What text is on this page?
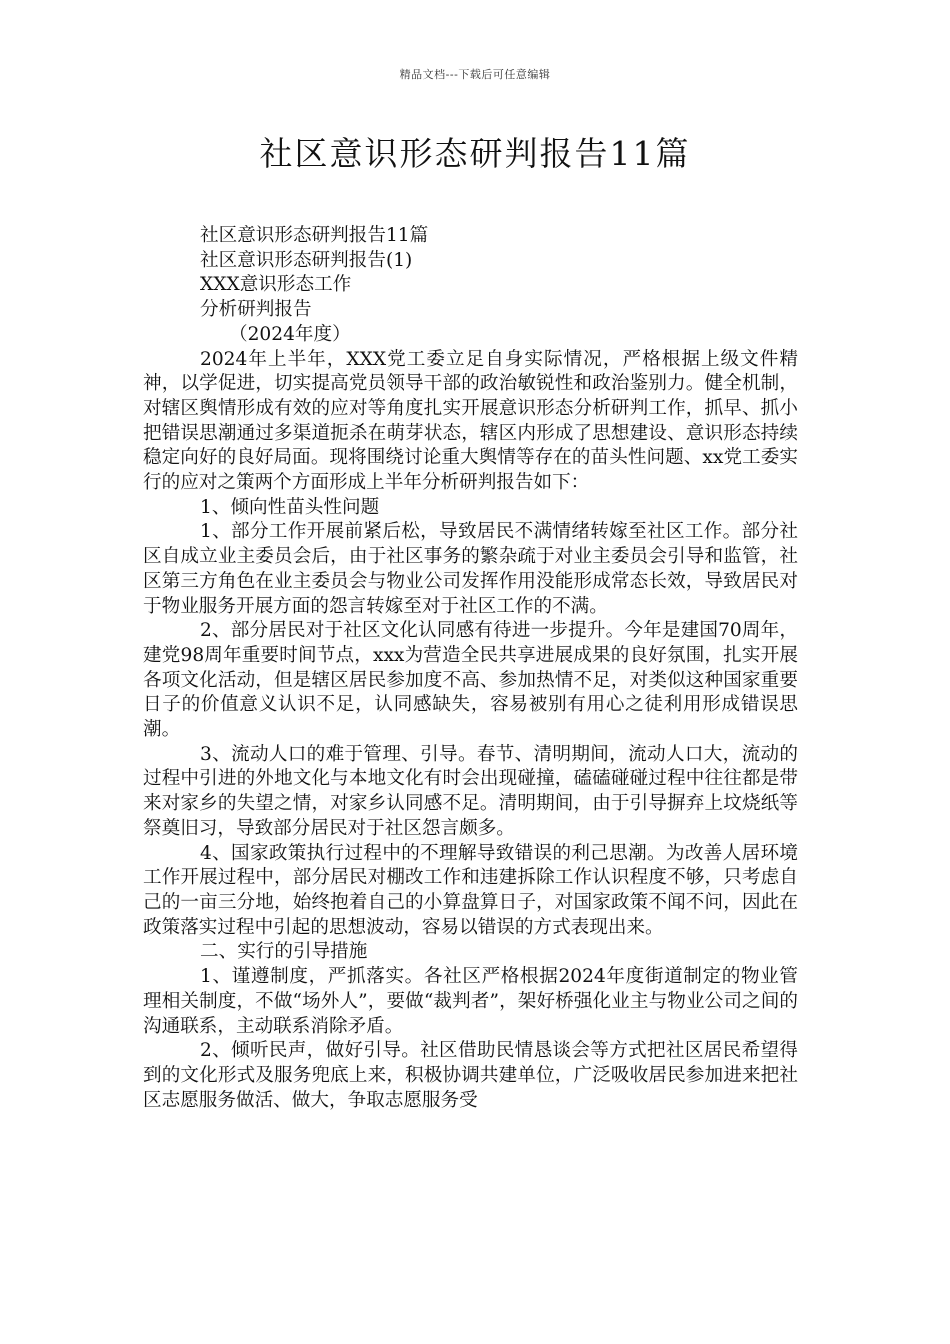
精品文档---下载后可任意编辑
社区意识形态研判报告11篇

社区意识形态研判报告11篇

社区意识形态研判报告(1)

XXX意识形态工作

分析研判报告

（2024年度）

2024年上半年，XXX党工委立足自身实际情况，严格根据上级文件精神，以学促进，切实提高党员领导干部的政治敏锐性和政治鉴别力。健全机制，对辖区舆情形成有效的应对等角度扎实开展意识形态分析研判工作，抓早、抓小把错误思潮通过多渠道扼杀在萌芽状态，辖区内形成了思想建设、意识形态持续稳定向好的良好局面。现将围绕讨论重大舆情等存在的苗头性问题、xx党工委实行的应对之策两个方面形成上半年分析研判报告如下：

1、倾向性苗头性问题

1、部分工作开展前紧后松，导致居民不满情绪转嫁至社区工作。部分社区自成立业主委员会后，由于社区事务的繁杂疏于对业主委员会引导和监管，社区第三方角色在业主委员会与物业公司发挥作用没能形成常态长效，导致居民对于物业服务开展方面的怨言转嫁至对于社区工作的不满。

2、部分居民对于社区文化认同感有待进一步提升。今年是建国70周年，建党98周年重要时间节点，xxx为营造全民共享进展成果的良好氛围，扎实开展各项文化活动，但是辖区居民参加度不高、参加热情不足，对类似这种国家重要日子的价值意义认识不足，认同感缺失，容易被别有用心之徒利用形成错误思潮。

3、流动人口的难于管理、引导。春节、清明期间，流动人口大，流动的过程中引进的外地文化与本地文化有时会出现碰撞，磕磕碰碰过程中往往都是带来对家乡的失望之情，对家乡认同感不足。清明期间，由于引导摒弃上坟烧纸等祭奠旧习，导致部分居民对于社区怨言颇多。

4、国家政策执行过程中的不理解导致错误的利己思潮。为改善人居环境工作开展过程中，部分居民对棚改工作和违建拆除工作认识程度不够，只考虑自己的一亩三分地，始终抱着自己的小算盘算日子，对国家政策不闻不问，因此在政策落实过程中引起的思想波动，容易以错误的方式表现出来。

二、实行的引导措施

1、谨遵制度，严抓落实。各社区严格根据2024年度街道制定的物业管理相关制度，不做“场外人”，要做“裁判者”，架好桥强化业主与物业公司之间的沟通联系，主动联系消除矛盾。

2、倾听民声，做好引导。社区借助民情恳谈会等方式把社区居民希望得到的文化形式及服务兜底上来，积极协调共建单位，广泛吸收居民参加进来把社区志愿服务做活、做大，争取志愿服务受
